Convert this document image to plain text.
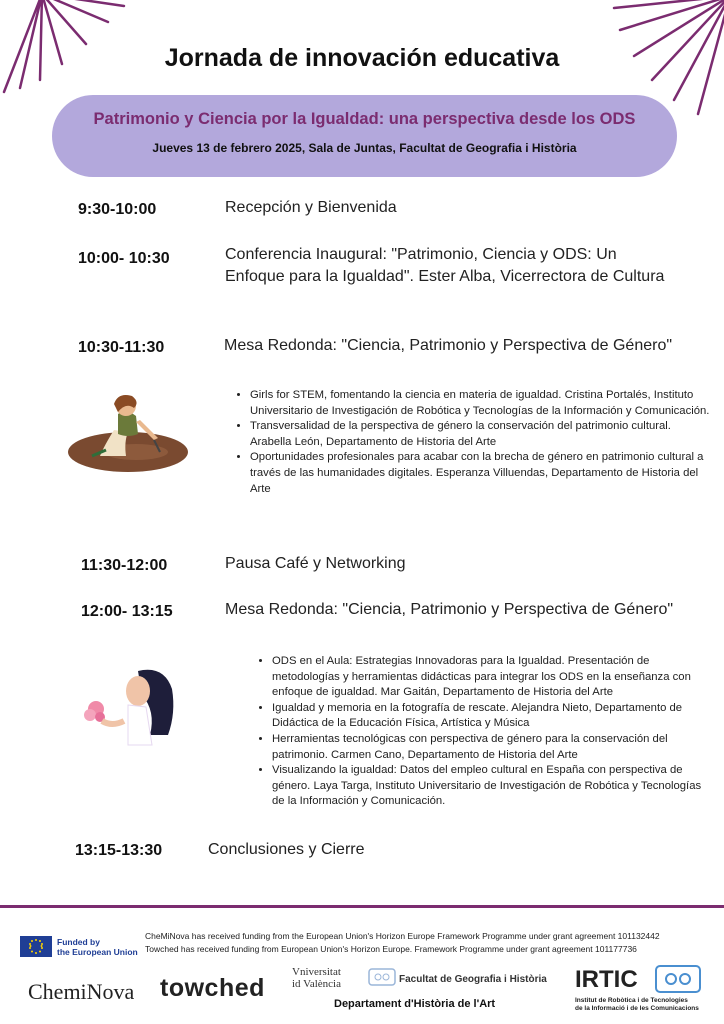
Jornada de innovación educativa
Patrimonio y Ciencia por la Igualdad: una perspectiva desde los ODS
Jueves 13 de febrero 2025, Sala de Juntas, Facultat de Geografia i Història
9:30-10:00	Recepción y Bienvenida
10:00- 10:30	Conferencia Inaugural: "Patrimonio, Ciencia y ODS: Un Enfoque para la Igualdad". Ester Alba, Vicerrectora de Cultura
10:30-11:30	Mesa Redonda: "Ciencia, Patrimonio y Perspectiva de Género"
• Girls for STEM, fomentando la ciencia en materia de igualdad. Cristina Portalés, Instituto Universitario de Investigación de Robótica y Tecnologías de la Información y Comunicación.
• Transversalidad de la perspectiva de género la conservación del patrimonio cultural. Arabella León, Departamento de Historia del Arte
• Oportunidades profesionales para acabar con la brecha de género en patrimonio cultural a través de las humanidades digitales. Esperanza Villuendas, Departamento de Historia del Arte
11:30-12:00	Pausa Café y Networking
12:00- 13:15	Mesa Redonda: "Ciencia, Patrimonio y Perspectiva de Género"
• ODS en el Aula: Estrategias Innovadoras para la Igualdad. Presentación de metodologías y herramientas didácticas para integrar los ODS en la enseñanza con enfoque de igualdad. Mar Gaitán, Departamento de Historia del Arte
• Igualdad y memoria en la fotografía de rescate. Alejandra Nieto, Departamento de Didáctica de la Educación Física, Artística y Música
• Herramientas tecnológicas con perspectiva de género para la conservación del patrimonio. Carmen Cano, Departamento de Historia del Arte
• Visualizando la igualdad: Datos del empleo cultural en España con perspectiva de género. Laya Targa, Instituto Universitario de Investigación de Robótica y Tecnologías de la Información y Comunicación.
13:15-13:30	Conclusiones y Cierre
Funded by
the European Union
CheMiNova has received funding from the European Union's Horizon Europe Framework Programme under grant agreement 101132442
Towched has received funding from European Union's Horizon Europe. Framework Programme under grant agreement 101177736
ChemiNova towched
Vniversitat
id València	Facultat de Geografia i Història
Departament d'Història de l'Art
IRTIC
Institut de Robòtica i de Tecnologies
de la Informació i de les Comunicacions
